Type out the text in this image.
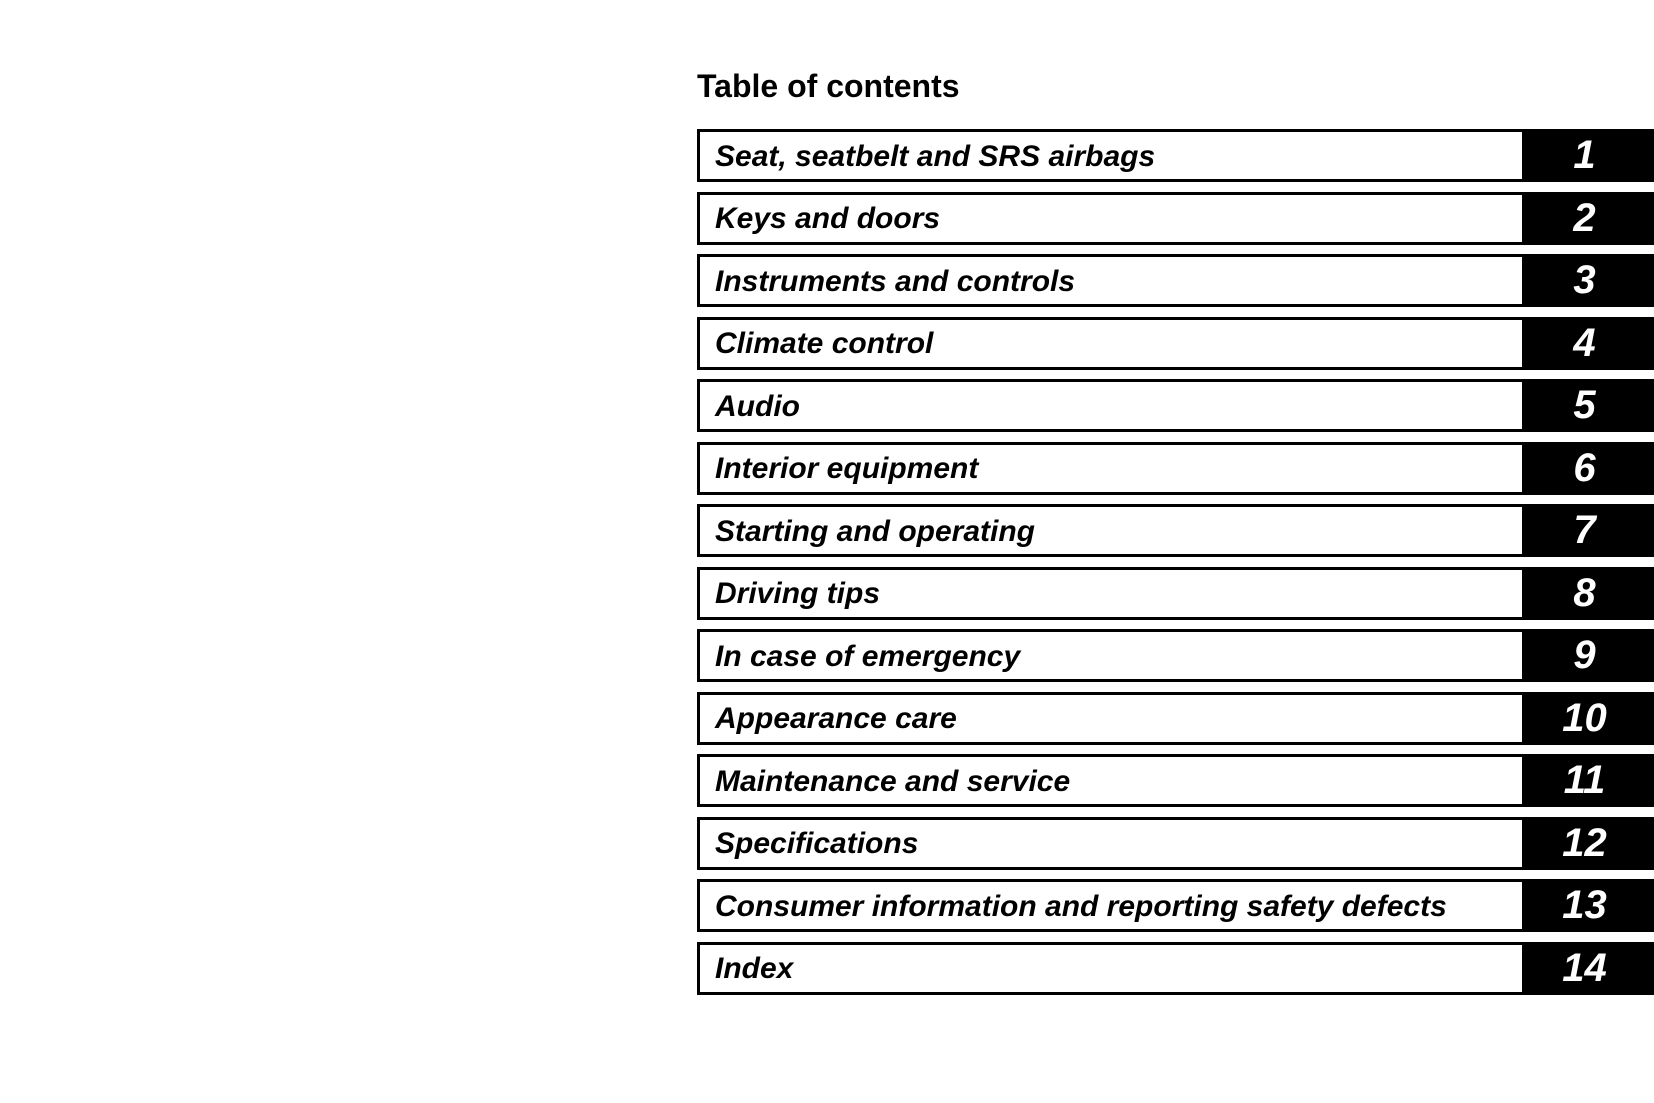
Table of contents
Seat, seatbelt and SRS airbags	1
Keys and doors	2
Instruments and controls	3
Climate control	4
Audio	5
Interior equipment	6
Starting and operating	7
Driving tips	8
In case of emergency	9
Appearance care	10
Maintenance and service	11
Specifications	12
Consumer information and reporting safety defects	13
Index	14
